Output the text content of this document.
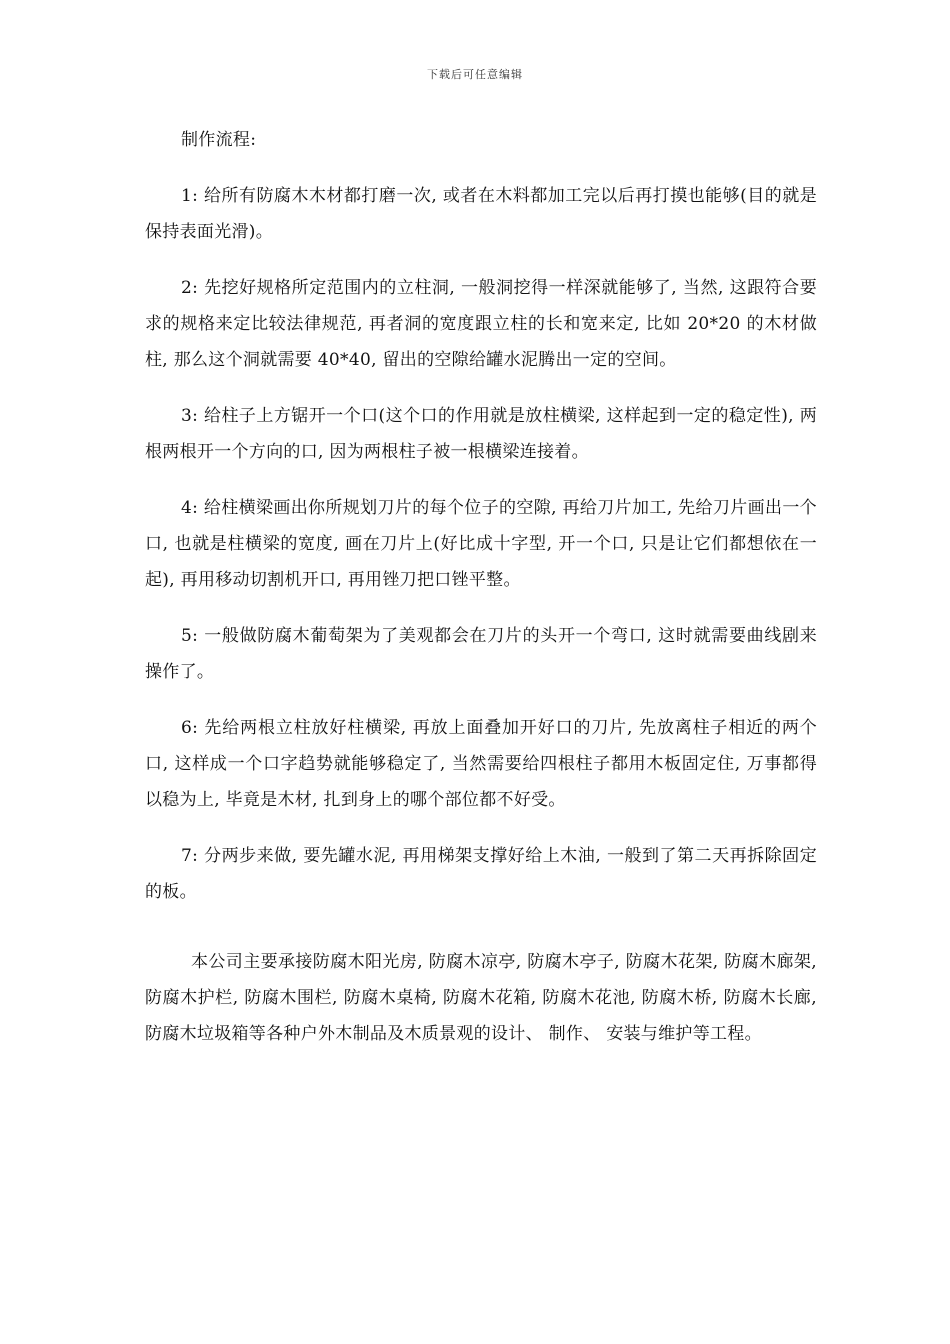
下载后可任意编辑

制作流程:

1: 给所有防腐木木材都打磨一次, 或者在木料都加工完以后再打摸也能够(目的就是保持表面光滑)。

2: 先挖好规格所定范围内的立柱洞, 一般洞挖得一样深就能够了, 当然, 这跟符合要求的规格来定比较法律规范, 再者洞的宽度跟立柱的长和宽来定, 比如 20*20 的木材做柱, 那么这个洞就需要 40*40, 留出的空隙给罐水泥腾出一定的空间。

3: 给柱子上方锯开一个口(这个口的作用就是放柱横梁, 这样起到一定的稳定性), 两根两根开一个方向的口, 因为两根柱子被一根横梁连接着。

4: 给柱横梁画出你所规划刀片的每个位子的空隙, 再给刀片加工, 先给刀片画出一个口, 也就是柱横梁的宽度, 画在刀片上(好比成十字型, 开一个口, 只是让它们都想依在一起), 再用移动切割机开口, 再用锉刀把口锉平整。

5: 一般做防腐木葡萄架为了美观都会在刀片的头开一个弯口, 这时就需要曲线剧来操作了。

6: 先给两根立柱放好柱横梁, 再放上面叠加开好口的刀片, 先放离柱子相近的两个口, 这样成一个口字趋势就能够稳定了, 当然需要给四根柱子都用木板固定住, 万事都得以稳为上, 毕竟是木材, 扎到身上的哪个部位都不好受。

7: 分两步来做, 要先罐水泥, 再用梯架支撑好给上木油, 一般到了第二天再拆除固定的板。

本公司主要承接防腐木阳光房, 防腐木凉亭, 防腐木亭子, 防腐木花架, 防腐木廊架, 防腐木护栏, 防腐木围栏, 防腐木桌椅, 防腐木花箱, 防腐木花池, 防腐木桥, 防腐木长廊, 防腐木垃圾箱等各种户外木制品及木质景观的设计、 制作、 安装与维护等工程。
